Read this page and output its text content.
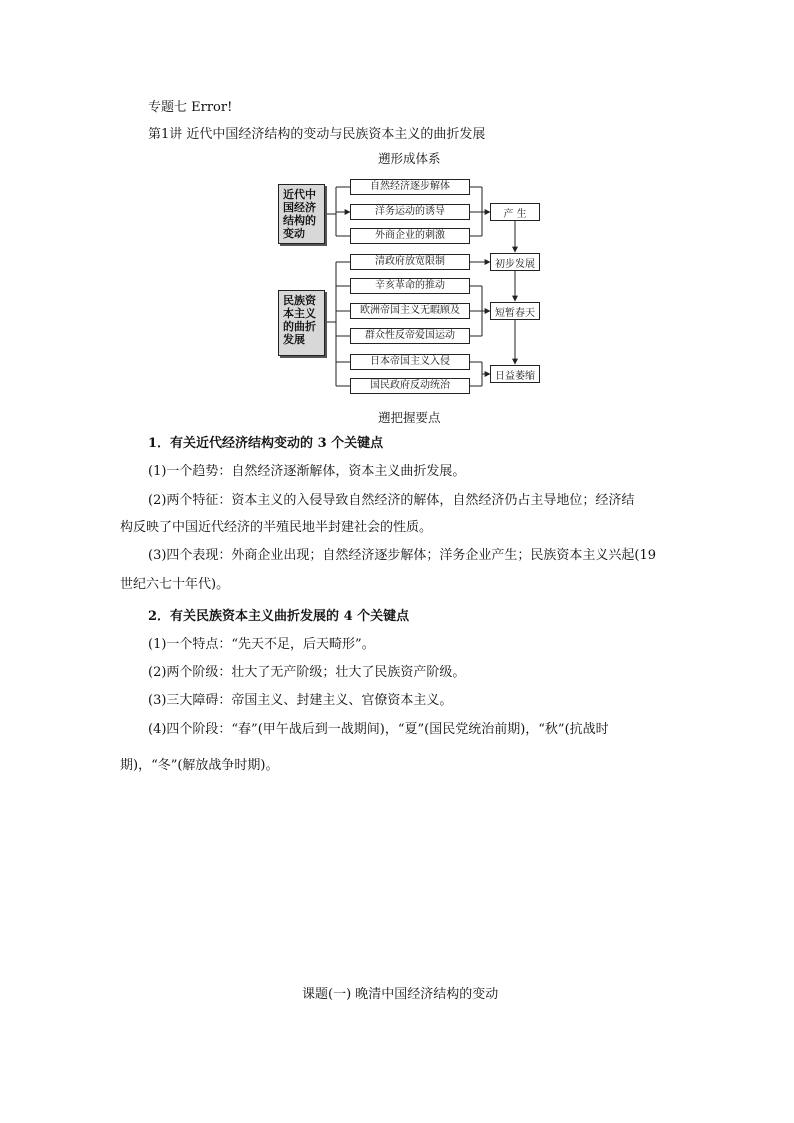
专题七 Error!
第1讲 近代中国经济结构的变动与民族资本主义的曲折发展
遡形成体系
近代中国经济结构的变动
民族资本主义的曲折发展
自然经济逐步解体
洋务运动的诱导
外商企业的刺激
清政府放宽限制
辛亥革命的推动
欧洲帝国主义无暇顾及
群众性反帝爱国运动
日本帝国主义入侵
国民政府反动统治
产 生
初步发展
短暂春天
日益萎缩
遡把握要点
1．有关近代经济结构变动的 3 个关键点
(1)一个趋势：自然经济逐渐解体，资本主义曲折发展。
(2)两个特征：资本主义的入侵导致自然经济的解体，自然经济仍占主导地位；经济结
构反映了中国近代经济的半殖民地半封建社会的性质。
(3)四个表现：外商企业出现；自然经济逐步解体；洋务企业产生；民族资本主义兴起(19
世纪六七十年代)。
2．有关民族资本主义曲折发展的 4 个关键点
(1)一个特点：“先天不足，后天畸形”。
(2)两个阶级：壮大了无产阶级；壮大了民族资产阶级。
(3)三大障碍：帝国主义、封建主义、官僚资本主义。
(4)四个阶段：“春”(甲午战后到一战期间)，“夏”(国民党统治前期)，“秋”(抗战时
期)，“冬”(解放战争时期)。
课题(一) 晚清中国经济结构的变动
